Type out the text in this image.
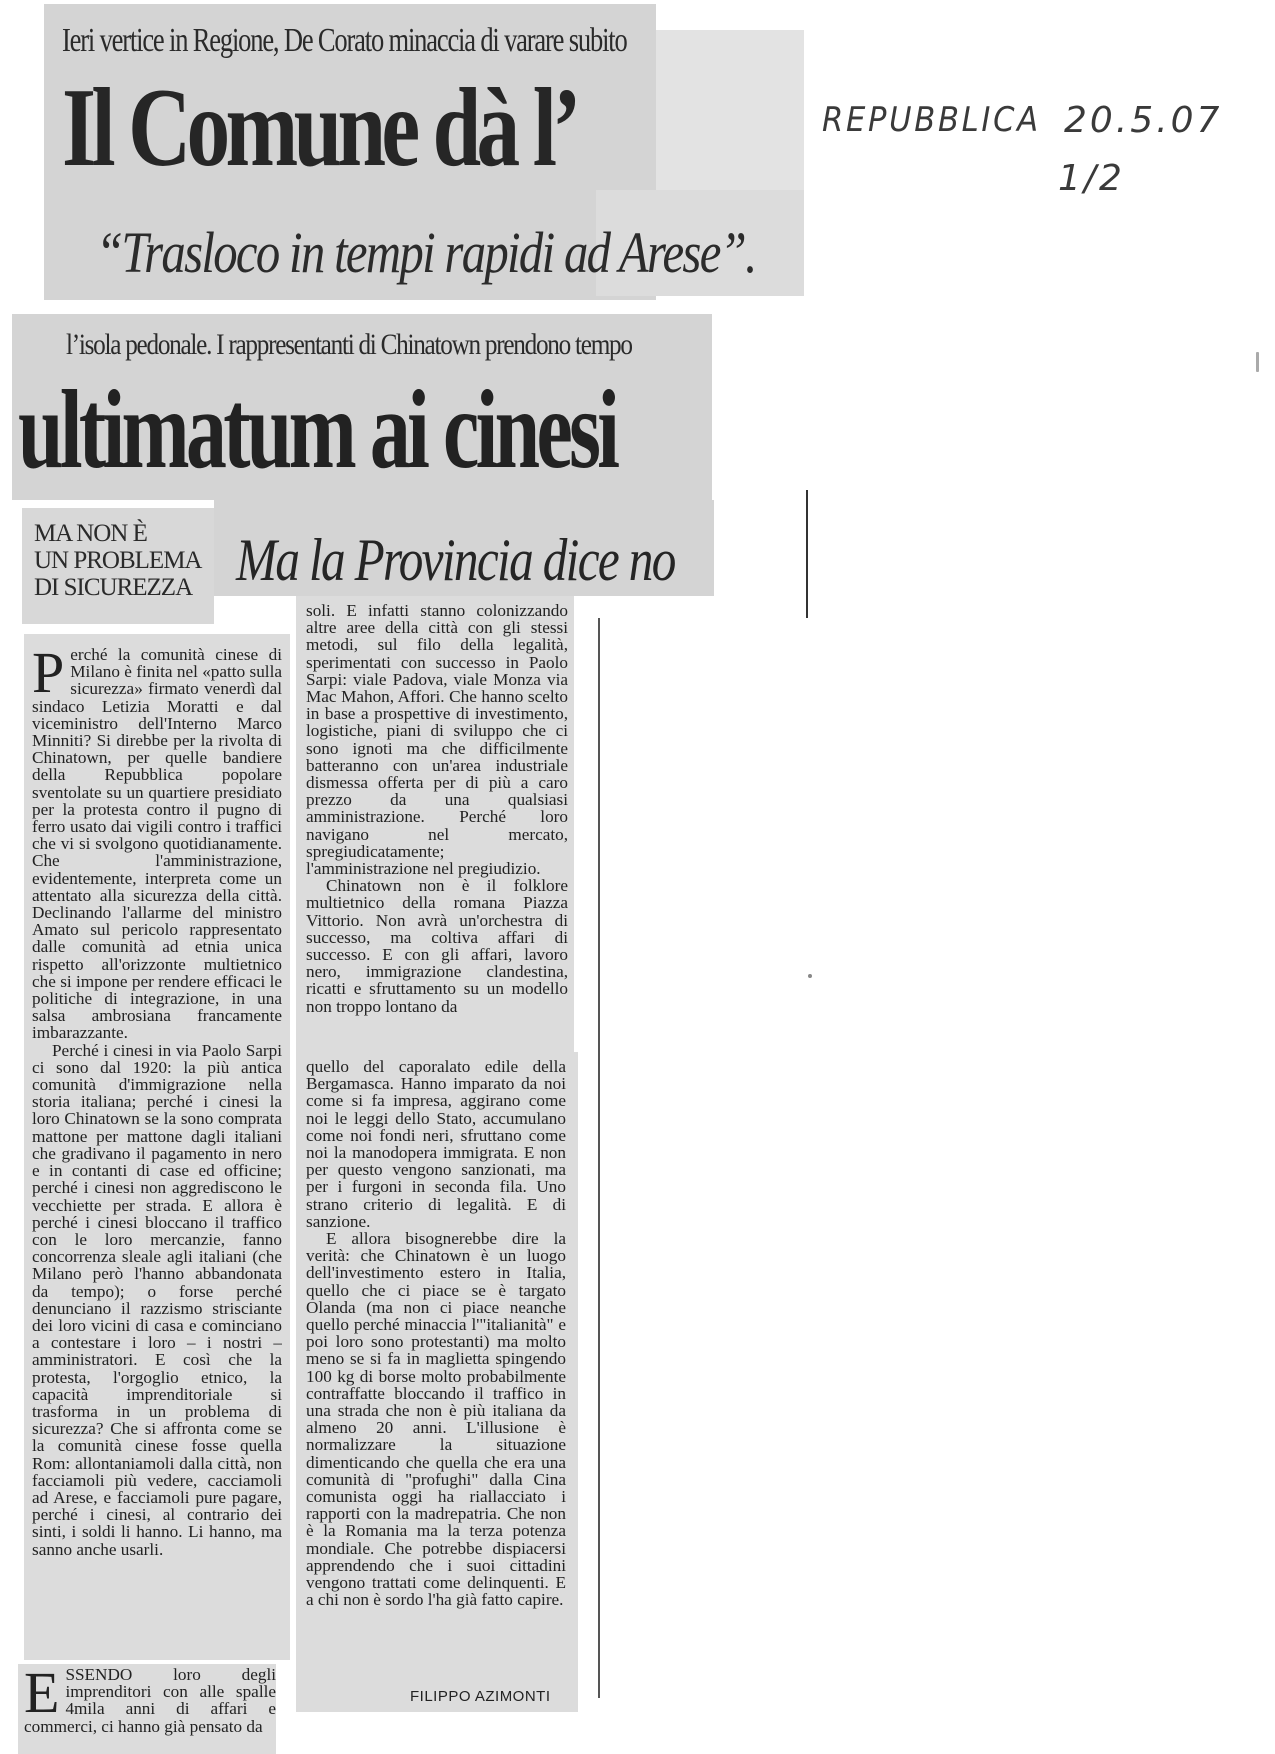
Ieri vertice in Regione, De Corato minaccia di varare subito
Il Comune dà l’
“Trasloco in tempi rapidi ad Arese”.
l’isola pedonale. I rappresentanti di Chinatown prendono tempo
ultimatum ai cinesi
MA NON È
UN PROBLEMA
DI SICUREZZA Ma la Provincia dice no
REPUBBLICA 20.5.07
1/2

Perché la comunità cinese di Milano è finita nel «patto sulla sicurezza» firmato venerdì dal sindaco Letizia Moratti e dal viceministro dell'Interno Marco Minniti? Si direbbe per la rivolta di Chinatown, per quelle bandiere della Repubblica popolare sventolate su un quartiere presidiato per la protesta contro il pugno di ferro usato dai vigili contro i traffici che vi si svolgono quotidianamente. Che l'amministrazione, evidentemente, interpreta come un attentato alla sicurezza della città. Declinando l'allarme del ministro Amato sul pericolo rappresentato dalle comunità ad etnia unica rispetto all'orizzonte multietnico che si impone per rendere efficaci le politiche di integrazione, in una salsa ambrosiana francamente imbarazzante.

Perché i cinesi in via Paolo Sarpi ci sono dal 1920: la più antica comunità d'immigrazione nella storia italiana; perché i cinesi la loro Chinatown se la sono comprata mattone per mattone dagli italiani che gradivano il pagamento in nero e in contanti di case ed officine; perché i cinesi non aggrediscono le vecchiette per strada. E allora è perché i cinesi bloccano il traffico con le loro mercanzie, fanno concorrenza sleale agli italiani (che Milano però l'hanno abbandonata da tempo); o forse perché denunciano il razzismo strisciante dei loro vicini di casa e cominciano a contestare i loro – i nostri – amministratori. E così che la protesta, l'orgoglio etnico, la capacità imprenditoriale si trasforma in un problema di sicurezza? Che si affronta come se la comunità cinese fosse quella Rom: allontaniamoli dalla città, non facciamoli più vedere, cacciamoli ad Arese, e facciamoli pure pagare, perché i cinesi, al contrario dei sinti, i soldi li hanno. Li hanno, ma sanno anche usarli.

ESSENDO loro degli imprenditori con alle spalle 4mila anni di affari e commerci, ci hanno già pensato da

soli. E infatti stanno colonizzando altre aree della città con gli stessi metodi, sul filo della legalità, sperimentati con successo in Paolo Sarpi: viale Padova, viale Monza via Mac Mahon, Affori. Che hanno scelto in base a prospettive di investimento, logistiche, piani di sviluppo che ci sono ignoti ma che difficilmente batteranno con un'area industriale dismessa offerta per di più a caro prezzo da una qualsiasi amministrazione. Perché loro navigano nel mercato, spregiudicatamente; l'amministrazione nel pregiudizio.

Chinatown non è il folklore multietnico della romana Piazza Vittorio. Non avrà un'orchestra di successo, ma coltiva affari di successo. E con gli affari, lavoro nero, immigrazione clandestina, ricatti e sfruttamento su un modello non troppo lontano da

quello del caporalato edile della Bergamasca. Hanno imparato da noi come si fa impresa, aggirano come noi le leggi dello Stato, accumulano come noi fondi neri, sfruttano come noi la manodopera immigrata. E non per questo vengono sanzionati, ma per i furgoni in seconda fila. Uno strano criterio di legalità. E di sanzione.

E allora bisognerebbe dire la verità: che Chinatown è un luogo dell'investimento estero in Italia, quello che ci piace se è targato Olanda (ma non ci piace neanche quello perché minaccia l'"italianità" e poi loro sono protestanti) ma molto meno se si fa in maglietta spingendo 100 kg di borse molto probabilmente contraffatte bloccando il traffico in una strada che non è più italiana da almeno 20 anni. L'illusione è normalizzare la situazione dimenticando che quella che era una comunità di "profughi" dalla Cina comunista oggi ha riallacciato i rapporti con la madrepatria. Che non è la Romania ma la terza potenza mondiale. Che potrebbe dispiacersi apprendendo che i suoi cittadini vengono trattati come delinquenti. E a chi non è sordo l'ha già fatto capire.

FILIPPO AZIMONTI
